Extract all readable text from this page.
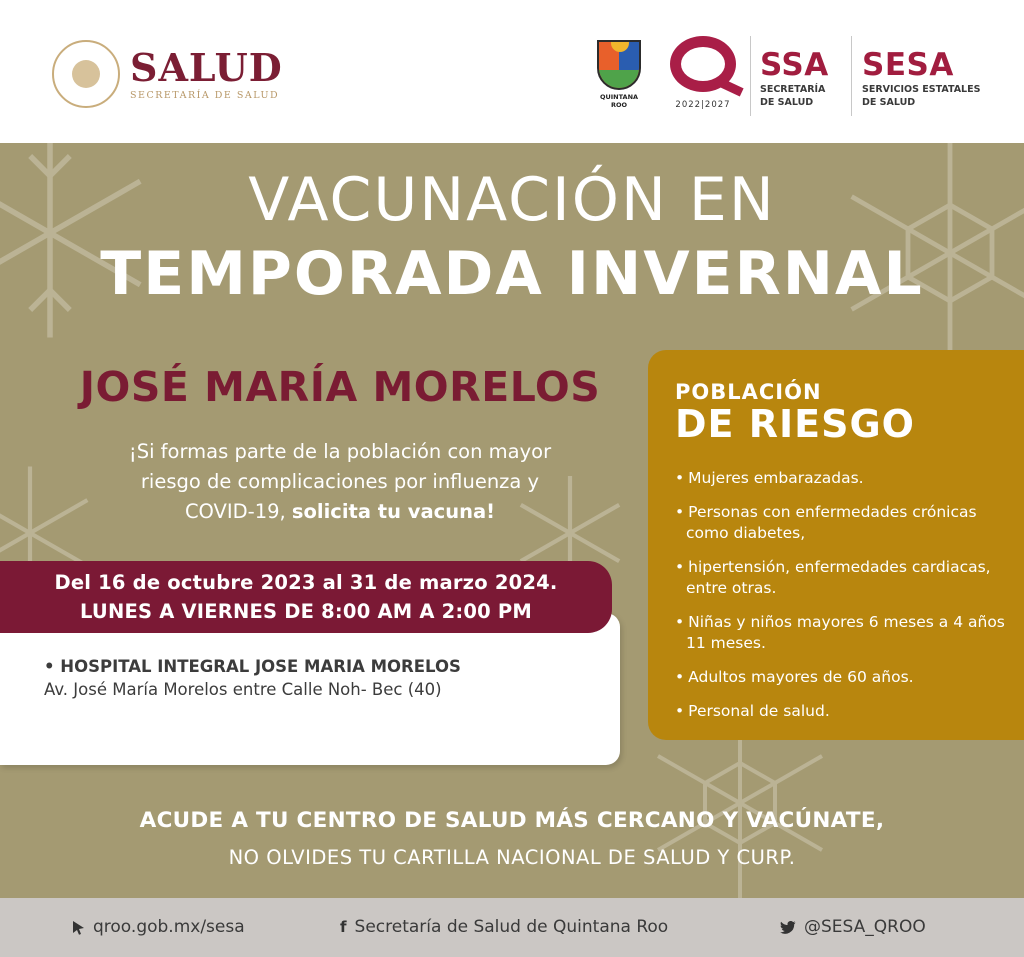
SALUD
SECRETARÍA DE SALUD	QUINTANA ROO	2022|2027
SSA
SECRETARÍA
DE SALUD
SESA
SERVICIOS ESTATALES
DE SALUD
VACUNACIÓN EN
TEMPORADA INVERNAL
JOSÉ MARÍA MORELOS
¡Si formas parte de la población con mayor
riesgo de complicaciones por influenza y
COVID-19, solicita tu vacuna!
Del 16 de octubre 2023 al 31 de marzo 2024.
LUNES A VIERNES DE 8:00 AM A 2:00 PM
• HOSPITAL INTEGRAL JOSE MARIA MORELOS
Av. José María Morelos entre Calle Noh- Bec (40)
POBLACIÓN
DE RIESGO
• Mujeres embarazadas.
• Personas con enfermedades crónicas como diabetes,
• hipertensión, enfermedades cardiacas, entre otras.
• Niñas y niños mayores 6 meses a 4 años 11 meses.
• Adultos mayores de 60 años.
• Personal de salud.
ACUDE A TU CENTRO DE SALUD MÁS CERCANO Y VACÚNATE,
NO OLVIDES TU CARTILLA NACIONAL DE SALUD Y CURP.
qroo.gob.mx/sesa	f Secretaría de Salud de Quintana Roo	@SESA_QROO
